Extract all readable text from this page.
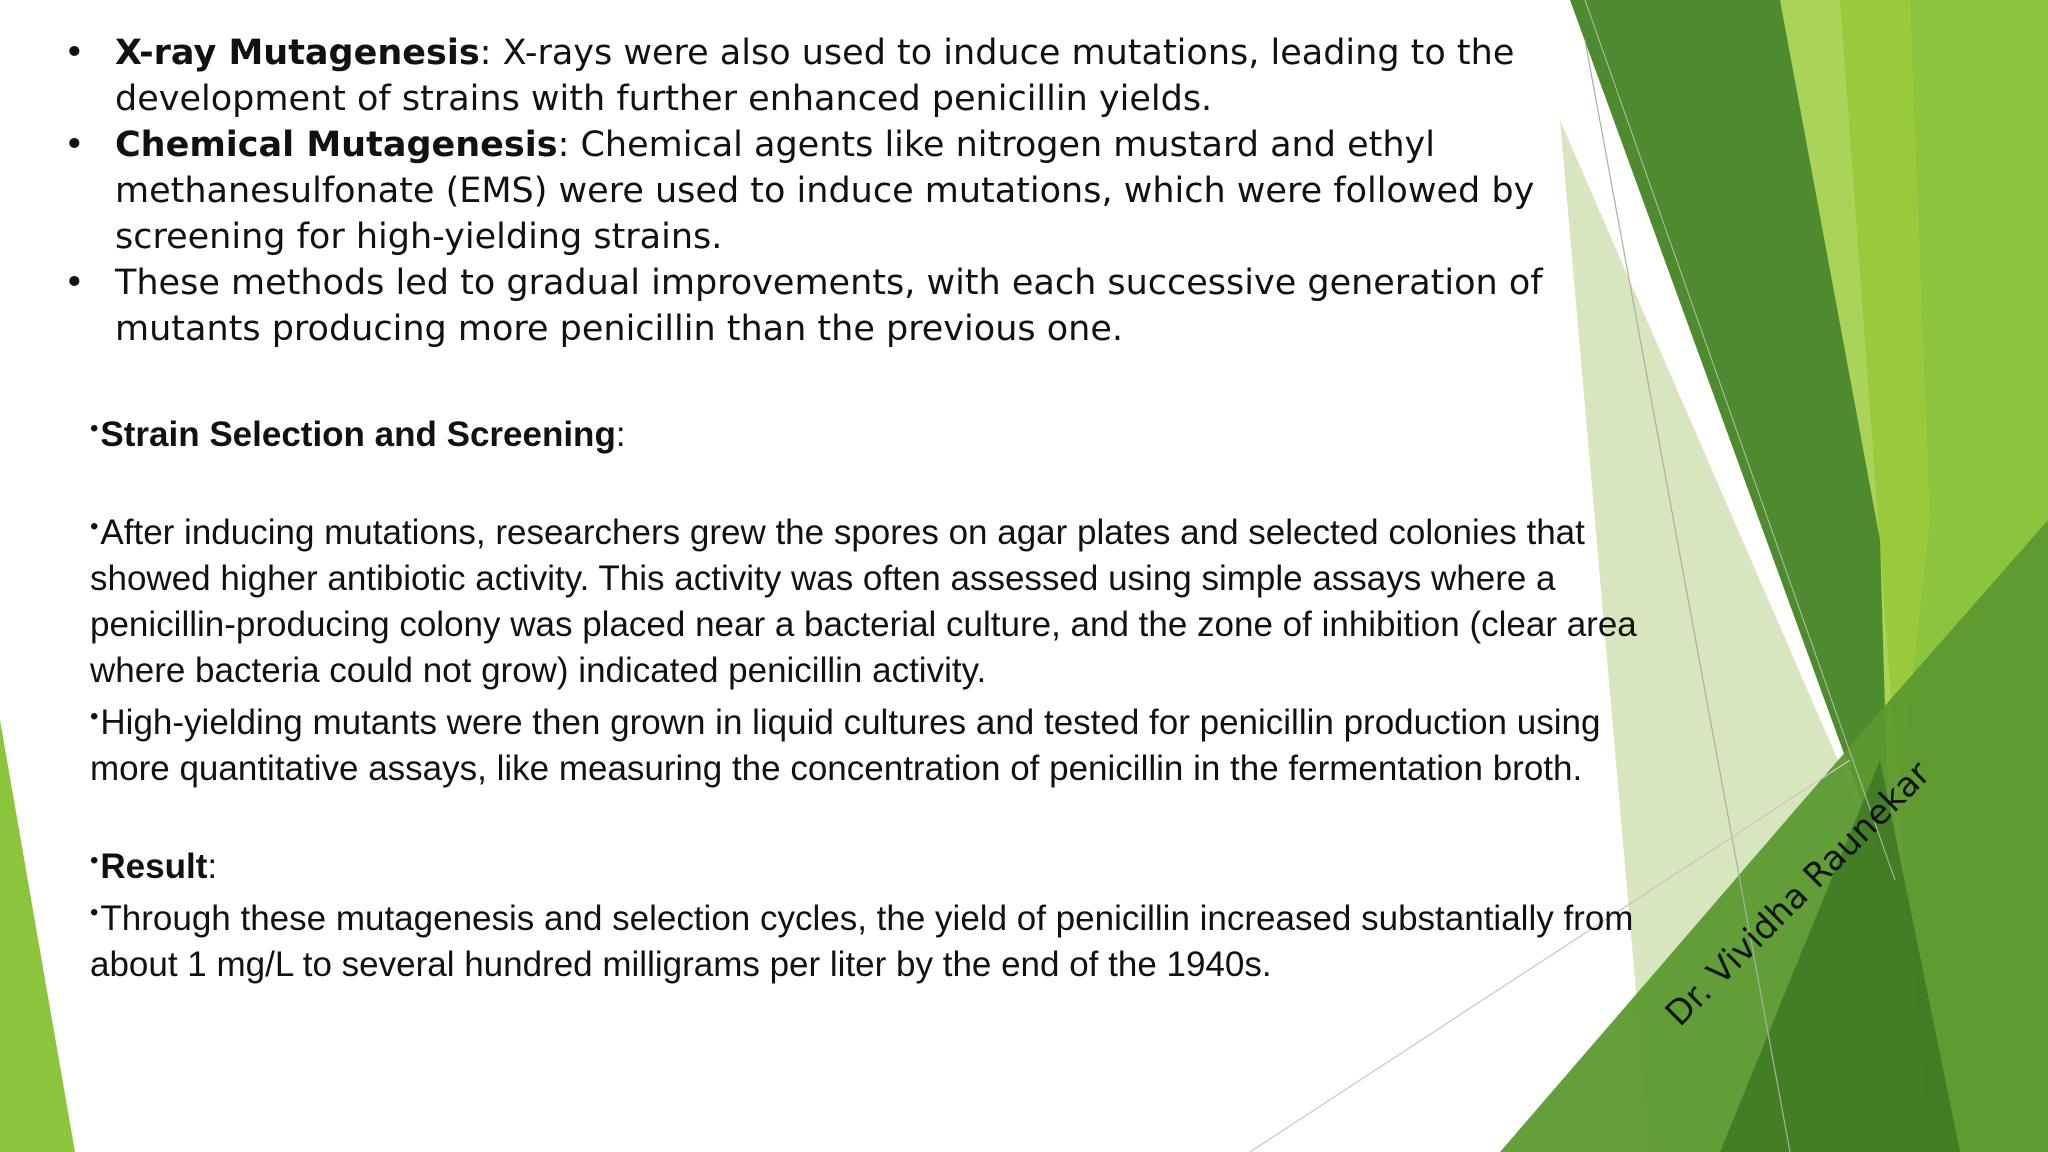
• X-ray Mutagenesis: X-rays were also used to induce mutations, leading to the development of strains with further enhanced penicillin yields.
• Chemical Mutagenesis: Chemical agents like nitrogen mustard and ethyl methanesulfonate (EMS) were used to induce mutations, which were followed by screening for high-yielding strains.
• These methods led to gradual improvements, with each successive generation of mutants producing more penicillin than the previous one.

•Strain Selection and Screening:

•After inducing mutations, researchers grew the spores on agar plates and selected colonies that showed higher antibiotic activity. This activity was often assessed using simple assays where a penicillin-producing colony was placed near a bacterial culture, and the zone of inhibition (clear area where bacteria could not grow) indicated penicillin activity.

•High-yielding mutants were then grown in liquid cultures and tested for penicillin production using more quantitative assays, like measuring the concentration of penicillin in the fermentation broth.

•Result:

•Through these mutagenesis and selection cycles, the yield of penicillin increased substantially from about 1 mg/L to several hundred milligrams per liter by the end of the 1940s.	Dr. Vividha Raunekar
